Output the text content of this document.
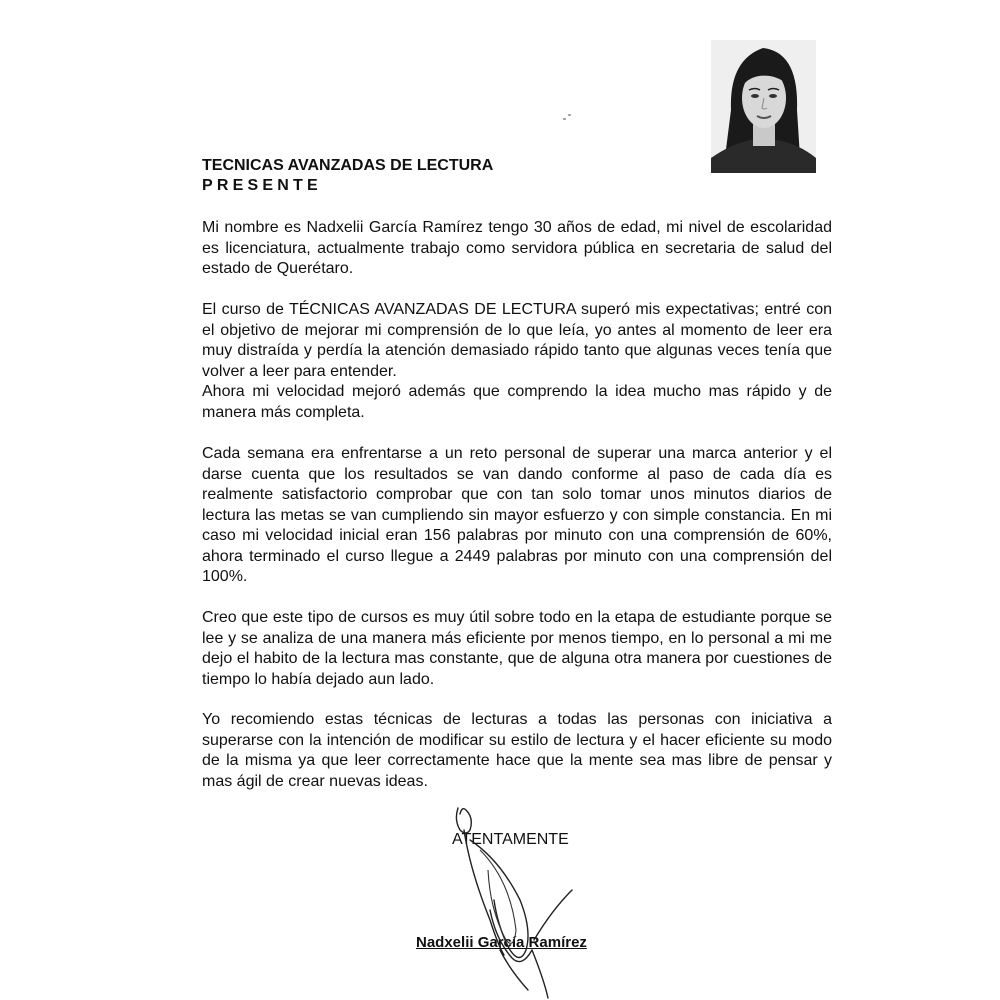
TECNICAS AVANZADAS DE LECTURA
PRESENTE

Mi nombre es Nadxelii García Ramírez tengo 30 años de edad, mi nivel de escolaridad es licenciatura, actualmente trabajo como servidora pública en secretaria de salud del estado de Querétaro.

El curso de TÉCNICAS AVANZADAS DE LECTURA superó mis expectativas; entré con el objetivo de mejorar mi comprensión de lo que leía, yo antes al momento de leer era muy distraída y perdía la atención demasiado rápido tanto que algunas veces tenía que volver a leer para entender.
Ahora mi velocidad mejoró además que comprendo la idea mucho mas rápido y de manera más completa.

Cada semana era enfrentarse a un reto personal de superar una marca anterior y el darse cuenta que los resultados se van dando conforme al paso de cada día es realmente satisfactorio comprobar que con tan solo tomar unos minutos diarios de lectura las metas se van cumpliendo sin mayor esfuerzo y con simple constancia. En mi caso mi velocidad inicial eran 156 palabras por minuto con una comprensión de 60%, ahora terminado el curso llegue a 2449 palabras por minuto con una comprensión del 100%.

Creo que este tipo de cursos es muy útil sobre todo en la etapa de estudiante porque se lee y se analiza de una manera más eficiente por menos tiempo, en lo personal a mi me dejo el habito de la lectura mas constante, que de alguna otra manera por cuestiones de tiempo lo había dejado aun lado.

Yo recomiendo estas técnicas de lecturas a todas las personas con iniciativa a superarse con la intención de modificar su estilo de lectura y el hacer eficiente su modo de la misma ya que leer correctamente hace que la mente sea mas libre de pensar y mas ágil de crear nuevas ideas.

ATENTAMENTE

Nadxelii García Ramírez
